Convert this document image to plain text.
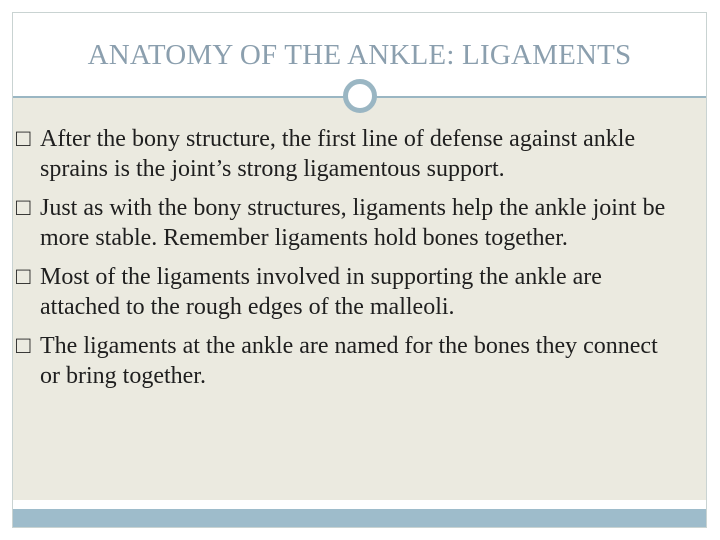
ANATOMY OF THE ANKLE: LIGAMENTS
□ After the bony structure, the first line of defense against ankle sprains is the joint’s strong ligamentous support.
□ Just as with the bony structures, ligaments help the ankle joint be more stable. Remember ligaments hold bones together.
□ Most of the ligaments involved in supporting the ankle are attached to the rough edges of the malleoli.
□ The ligaments at the ankle are named for the bones they connect or bring together.
